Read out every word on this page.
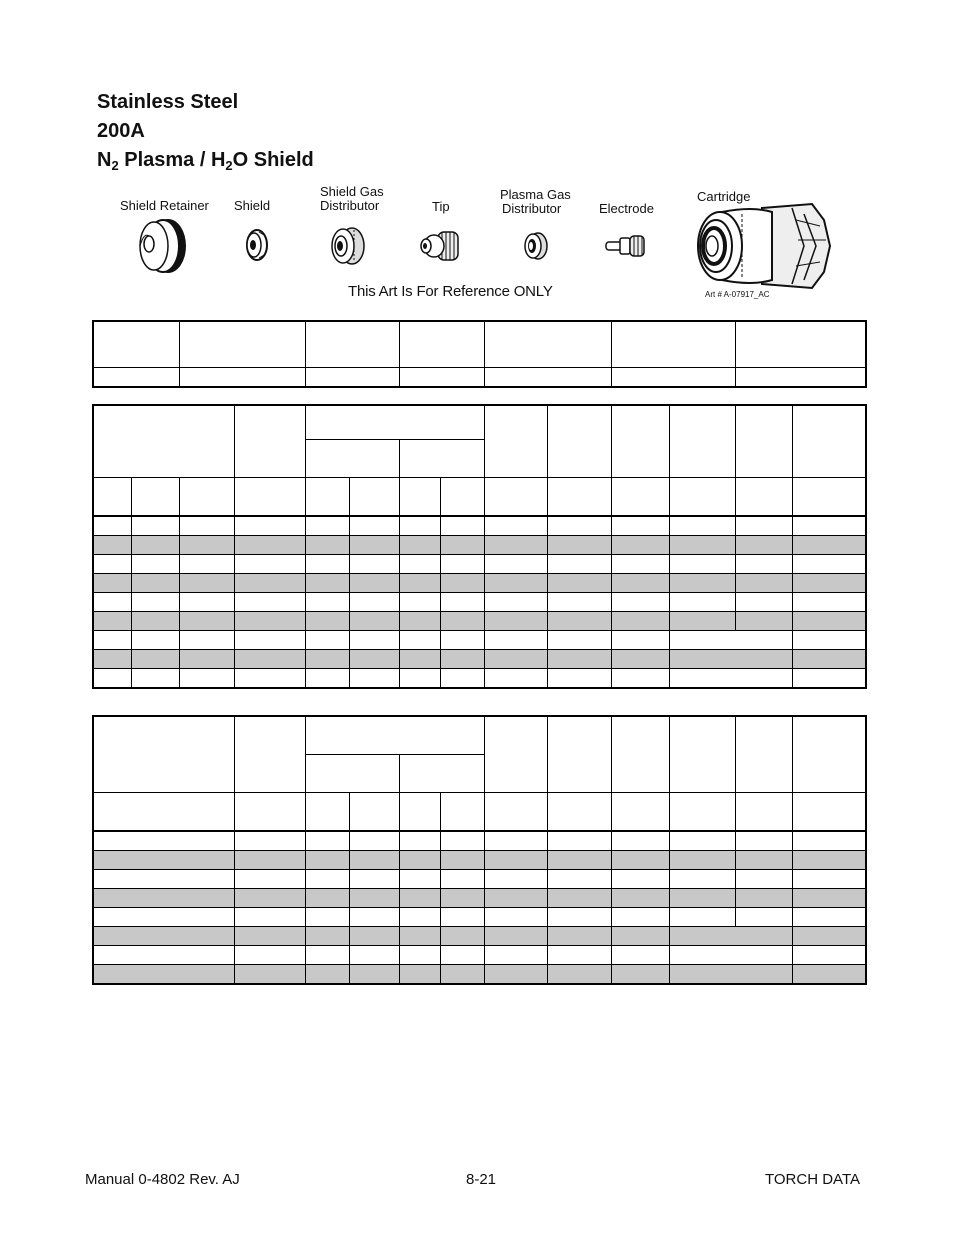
Stainless Steel
200A
$N_2$ Plasma / $H_2O$ Shield
Shield Retainer Shield
Shield Gas
Distributor	Tip
Plasma Gas
Distributor	Electrode
Cartridge
This Art Is For Reference ONLY	Art # A-07917_AC

Manual 0-4802 Rev. AJ	8-21	TORCH DATA
